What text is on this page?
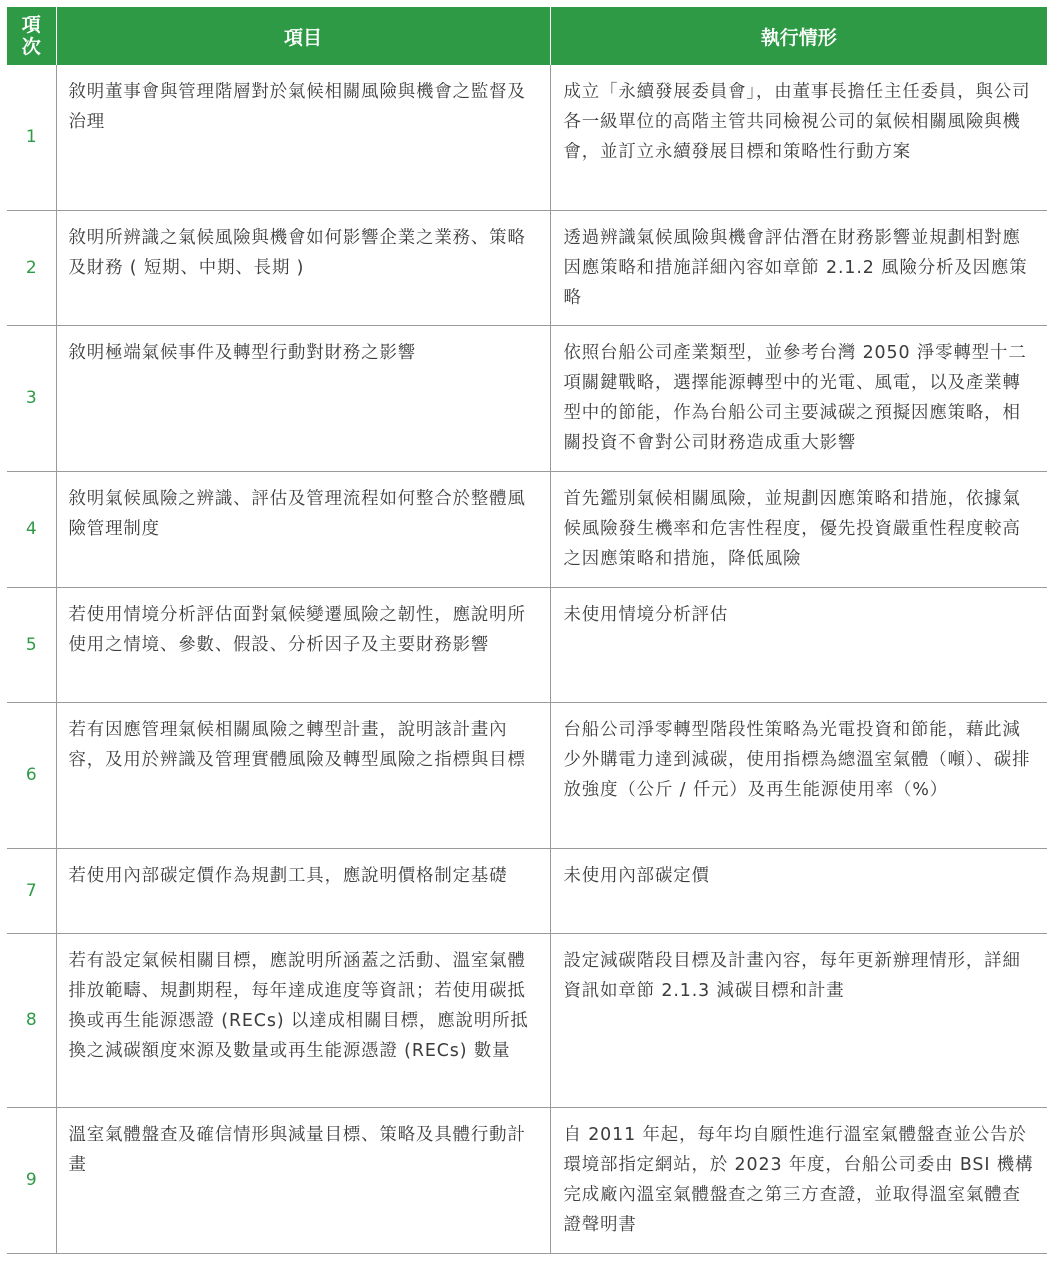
項
次	項目	執行情形
1	敘明董事會與管理階層對於氣候相關風險與機會之監督及治理	成立「永續發展委員會」，由董事長擔任主任委員，與公司各一級單位的高階主管共同檢視公司的氣候相關風險與機會，並訂立永續發展目標和策略性行動方案
2	敘明所辨識之氣候風險與機會如何影響企業之業務、策略及財務 ( 短期、中期、長期 )	透過辨識氣候風險與機會評估潛在財務影響並規劃相對應因應策略和措施詳細內容如章節 2.1.2 風險分析及因應策略
3	敘明極端氣候事件及轉型行動對財務之影響	依照台船公司產業類型，並參考台灣 2050 淨零轉型十二項關鍵戰略，選擇能源轉型中的光電、風電，以及產業轉型中的節能，作為台船公司主要減碳之預擬因應策略，相關投資不會對公司財務造成重大影響
4	敘明氣候風險之辨識、評估及管理流程如何整合於整體風險管理制度	首先鑑別氣候相關風險，並規劃因應策略和措施，依據氣候風險發生機率和危害性程度，優先投資嚴重性程度較高之因應策略和措施，降低風險
5	若使用情境分析評估面對氣候變遷風險之韌性，應說明所使用之情境、參數、假設、分析因子及主要財務影響	未使用情境分析評估
6	若有因應管理氣候相關風險之轉型計畫，說明該計畫內容，及用於辨識及管理實體風險及轉型風險之指標與目標	台船公司淨零轉型階段性策略為光電投資和節能，藉此減少外購電力達到減碳，使用指標為總溫室氣體（噸）、碳排放強度（公斤 / 仟元）及再生能源使用率（%）
7	若使用內部碳定價作為規劃工具，應說明價格制定基礎	未使用內部碳定價
8	若有設定氣候相關目標，應說明所涵蓋之活動、溫室氣體排放範疇、規劃期程，每年達成進度等資訊；若使用碳抵換或再生能源憑證 (RECs) 以達成相關目標，應說明所抵換之減碳額度來源及數量或再生能源憑證 (RECs) 數量	設定減碳階段目標及計畫內容，每年更新辦理情形，詳細資訊如章節 2.1.3 減碳目標和計畫
9	溫室氣體盤查及確信情形與減量目標、策略及具體行動計畫	自 2011 年起，每年均自願性進行溫室氣體盤查並公告於環境部指定網站，於 2023 年度，台船公司委由 BSI 機構完成廠內溫室氣體盤查之第三方查證，並取得溫室氣體查證聲明書
